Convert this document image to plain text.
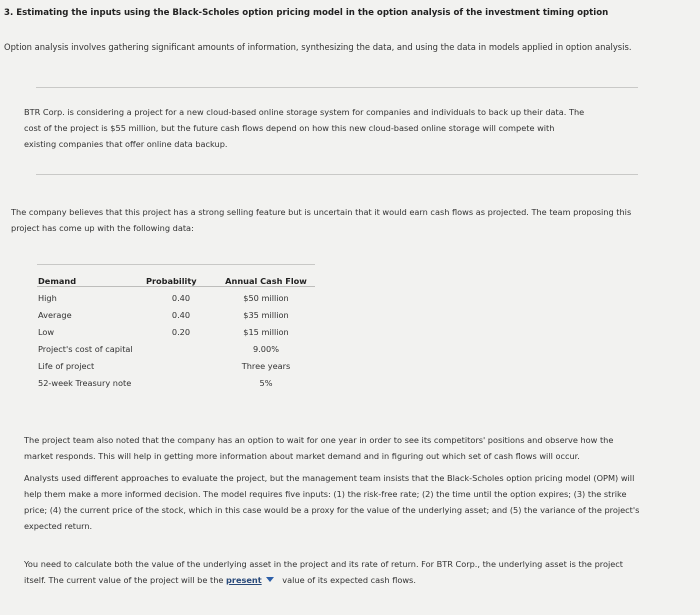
3. Estimating the inputs using the Black-Scholes option pricing model in the option analysis of the investment timing option

Option analysis involves gathering significant amounts of information, synthesizing the data, and using the data in models applied in option analysis.

BTR Corp. is considering a project for a new cloud-based online storage system for companies and individuals to back up their data. The
cost of the project is $55 million, but the future cash flows depend on how this new cloud-based online storage will compete with
existing companies that offer online data backup.
The company believes that this project has a strong selling feature but is uncertain that it would earn cash flows as projected. The team proposing this
project has come up with the following data:
Demand	Probability	Annual Cash Flow
High	0.40	$50 million
Average	0.40	$35 million
Low	0.20	$15 million
Project's cost of capital		9.00%
Life of project		Three years
52-week Treasury note		5%
The project team also noted that the company has an option to wait for one year in order to see its competitors' positions and observe how the
market responds. This will help in getting more information about market demand and in figuring out which set of cash flows will occur.
Analysts used different approaches to evaluate the project, but the management team insists that the Black-Scholes option pricing model (OPM) will
help them make a more informed decision. The model requires five inputs: (1) the risk-free rate; (2) the time until the option expires; (3) the strike
price; (4) the current price of the stock, which in this case would be a proxy for the value of the underlying asset; and (5) the variance of the project's
expected return.
You need to calculate both the value of the underlying asset in the project and its rate of return. For BTR Corp., the underlying asset is the project
itself. The current value of the project will be the present	value of its expected cash flows.
